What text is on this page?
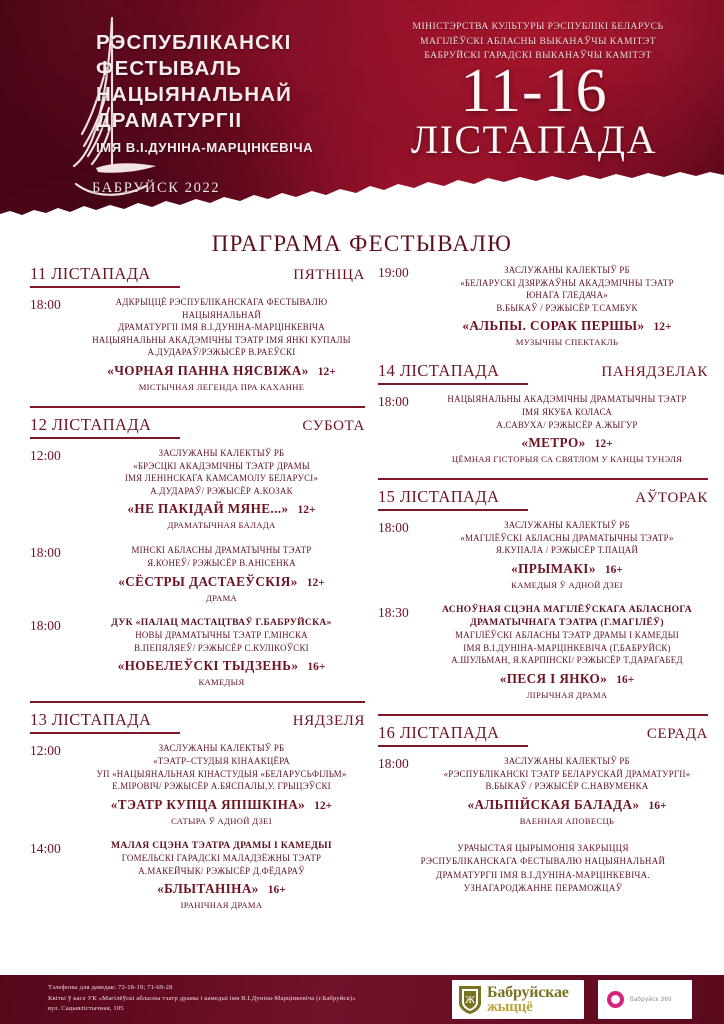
РЭСПУБЛІКАНСКІ
ФЕСТЫВАЛЬ
НАЦЫЯНАЛЬНАЙ
ДРАМАТУРГІІ
ІМЯ В.І.ДУНІНА-МАРЦІНКЕВІЧА
БАБРУЙСК 2022
МІНІСТЭРСТВА КУЛЬТУРЫ РЭСПУБЛІКІ БЕЛАРУСЬ
МАГІЛЁЎСКІ АБЛАСНЫ ВЫКАНАЎЧЫ КАМІТЭТ
БАБРУЙСКІ ГАРАДСКІ ВЫКАНАЎЧЫ КАМІТЭТ
11-16
ЛІСТАПАДА
ПРАГРАМА ФЕСТЫВАЛЮ
11 ЛІСТАПАДА	ПЯТНІЦА
18:00	АДКРЫЦЦЁ РЭСПУБЛІКАНСКАГА ФЕСТЫВАЛЮ НАЦЫЯНАЛЬНАЙ
ДРАМАТУРГІІ ІМЯ В.І.ДУНІНА-МАРЦІНКЕВІЧА
НАЦЫЯНАЛЬНЫ АКАДЭМІЧНЫ ТЭАТР ІМЯ ЯНКІ КУПАЛЫ
А.ДУДАРАЎ/РЭЖЫСЁР В.РАЕЎСКІ
«ЧОРНАЯ ПАННА НЯСВІЖА» 12+
МІСТЫЧНАЯ ЛЕГЕНДА ПРА КАХАННЕ
12 ЛІСТАПАДА	СУБОТА
12:00	ЗАСЛУЖАНЫ КАЛЕКТЫЎ РБ
«БРЭСЦКІ АКАДЭМІЧНЫ ТЭАТР ДРАМЫ
ІМЯ ЛЕНІНСКАГА КАМСАМОЛУ БЕЛАРУСІ»
А.ДУДАРАЎ/ РЭЖЫСЁР А.КОЗАК
«НЕ ПАКІДАЙ МЯНЕ...» 12+
ДРАМАТЫЧНАЯ БАЛАДА
18:00	МІНСКІ АБЛАСНЫ ДРАМАТЫЧНЫ ТЭАТР
Я.КОНЕЎ/ РЭЖЫСЁР В.АНІСЕНКА
«СЁСТРЫ ДАСТАЕЎСКІЯ» 12+
ДРАМА
18:00	ДУК «ПАЛАЦ МАСТАЦТВАЎ Г.БАБРУЙСКА»
НОВЫ ДРАМАТЫЧНЫ ТЭАТР Г.МІНСКА
В.ПЕПЯЛЯЕЎ/ РЭЖЫСЁР С.КУЛІКОЎСКІ
«НОБЕЛЕЎСКІ ТЫДЗЕНЬ» 16+
КАМЕДЫЯ
13 ЛІСТАПАДА	НЯДЗЕЛЯ
12:00	ЗАСЛУЖАНЫ КАЛЕКТЫЎ РБ
«ТЭАТР–СТУДЫЯ КІНААКЦЁРА
УП «НАЦЫЯНАЛЬНАЯ КІНАСТУДЫЯ «БЕЛАРУСЬФІЛЬМ»
Е.МІРОВІЧ/ РЭЖЫСЁР А.БЯСПАЛЫ,У. ГРЫЦЭЎСКІ
«ТЭАТР КУПЦА ЯПІШКІНА» 12+
САТЫРА Ў АДНОЙ ДЗЕІ
14:00	МАЛАЯ СЦЭНА ТЭАТРА ДРАМЫ І КАМЕДЫІ
ГОМЕЛЬСКІ ГАРАДСКІ МАЛАДЗЁЖНЫ ТЭАТР
А.МАКЕЙЧЫК/ РЭЖЫСЁР Д.ФЁДАРАЎ
«БЛЫТАНІНА» 16+
ІРАНІЧНАЯ ДРАМА
19:00	ЗАСЛУЖАНЫ КАЛЕКТЫЎ РБ
«БЕЛАРУСКІ ДЗЯРЖАЎНЫ АКАДЭМІЧНЫ ТЭАТР
ЮНАГА ГЛЕДАЧА»
В.БЫКАЎ / РЭЖЫСЁР Т.САМБУК
«АЛЬПЫ. СОРАК ПЕРШЫ» 12+
МУЗЫЧНЫ СПЕКТАКЛЬ
14 ЛІСТАПАДА	ПАНЯДЗЕЛАК
18:00	НАЦЫЯНАЛЬНЫ АКАДЭМІЧНЫ ДРАМАТЫЧНЫ ТЭАТР
ІМЯ ЯКУБА КОЛАСА
А.САВУХА/ РЭЖЫСЁР А.ЖЫГУР
«МЕТРО» 12+
ЦЁМНАЯ ГІСТОРЫЯ СА СВЯТЛОМ У КАНЦЫ ТУНЭЛЯ
15 ЛІСТАПАДА	АЎТОРАК
18:00	ЗАСЛУЖАНЫ КАЛЕКТЫЎ РБ
«МАГІЛЁЎСКІ АБЛАСНЫ ДРАМАТЫЧНЫ ТЭАТР»
Я.КУПАЛА / РЭЖЫСЁР Т.ПАЦАЙ
«ПРЫМАКІ» 16+
КАМЕДЫЯ Ў АДНОЙ ДЗЕІ
18:30	АСНОЎНАЯ СЦЭНА МАГІЛЁЎСКАГА АБЛАСНОГА
ДРАМАТЫЧНАГА ТЭАТРА (Г.МАГІЛЁЎ)
МАГІЛЁЎСКІ АБЛАСНЫ ТЭАТР ДРАМЫ І КАМЕДЫІ
ІМЯ В.І.ДУНІНА-МАРЦІНКЕВІЧА (Г.БАБРУЙСК)
А.ШУЛЬМАН, Я.КАРПІНСКІ/ РЭЖЫСЁР Т.ДАРАГАБЕД
«ПЕСЯ І ЯНКО» 16+
ЛІРЫЧНАЯ ДРАМА
16 ЛІСТАПАДА	СЕРАДА
18:00	ЗАСЛУЖАНЫ КАЛЕКТЫЎ РБ
«РЭСПУБЛІКАНСКІ ТЭАТР БЕЛАРУСКАЙ ДРАМАТУРГІІ»
В.БЫКАЎ / РЭЖЫСЁР С.НАВУМЕНКА
«АЛЬПІЙСКАЯ БАЛАДА» 16+
ВАЕННАЯ АПОВЕСЦЬ
УРАЧЫСТАЯ ЦЫРЫМОНІЯ ЗАКРЫЦЦЯ
РЭСПУБЛІКАНСКАГА ФЕСТЫВАЛЮ НАЦЫЯНАЛЬНАЙ
ДРАМАТУРГІІ ІМЯ В.І.ДУНІНА-МАРЦІНКЕВІЧА.
УЗНАГАРОДЖАННЕ ПЕРАМОЖЦАЎ
Тэлефоны для даведак: 72-18-19; 71-69-28
Квіткі ў касе УК «Магілёўскі абласны тэатр драмы і камедыі імя В.І.Дуніна-Марцінкевіча (г.Бабруйск)»
вул. Сацыялістычная, 105
Ж Бабруйскае
жыццё	бабруйск 360
